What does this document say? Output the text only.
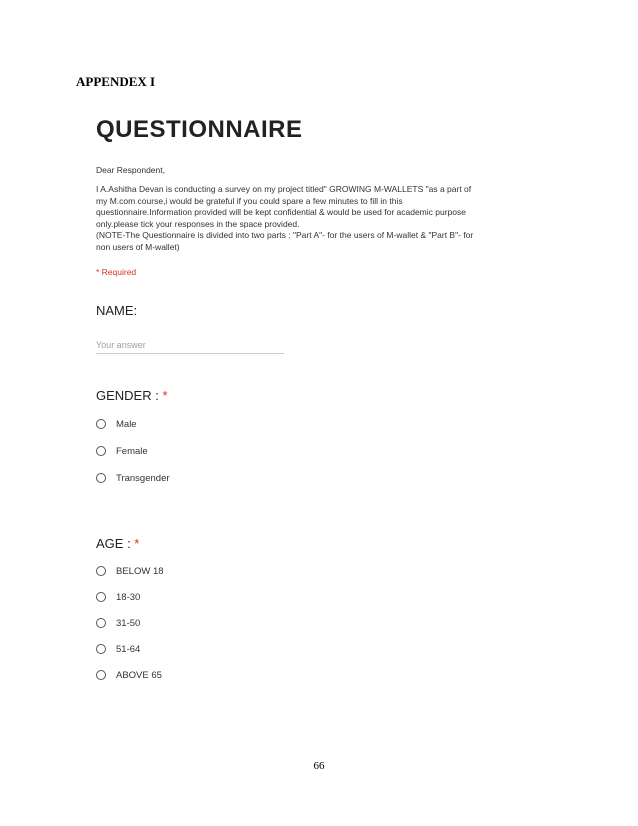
APPENDEX I
QUESTIONNAIRE
Dear Respondent,
I A.Ashitha Devan is conducting a survey on my project titled" GROWING M-WALLETS "as a part of
my M.com course,i would be grateful if you could spare a few minutes to fill in this
questionnaire.Information provided will be kept confidential & would be used for academic purpose
only.please tick your responses in the space provided.
(NOTE-The Questionnaire is divided into two parts : "Part A"- for the users of M-wallet & "Part B"- for
non users of M-wallet)
* Required
NAME:
Your answer
GENDER : *
Male
Female
Transgender
AGE : *
BELOW 18
18-30
31-50
51-64
ABOVE 65
66
